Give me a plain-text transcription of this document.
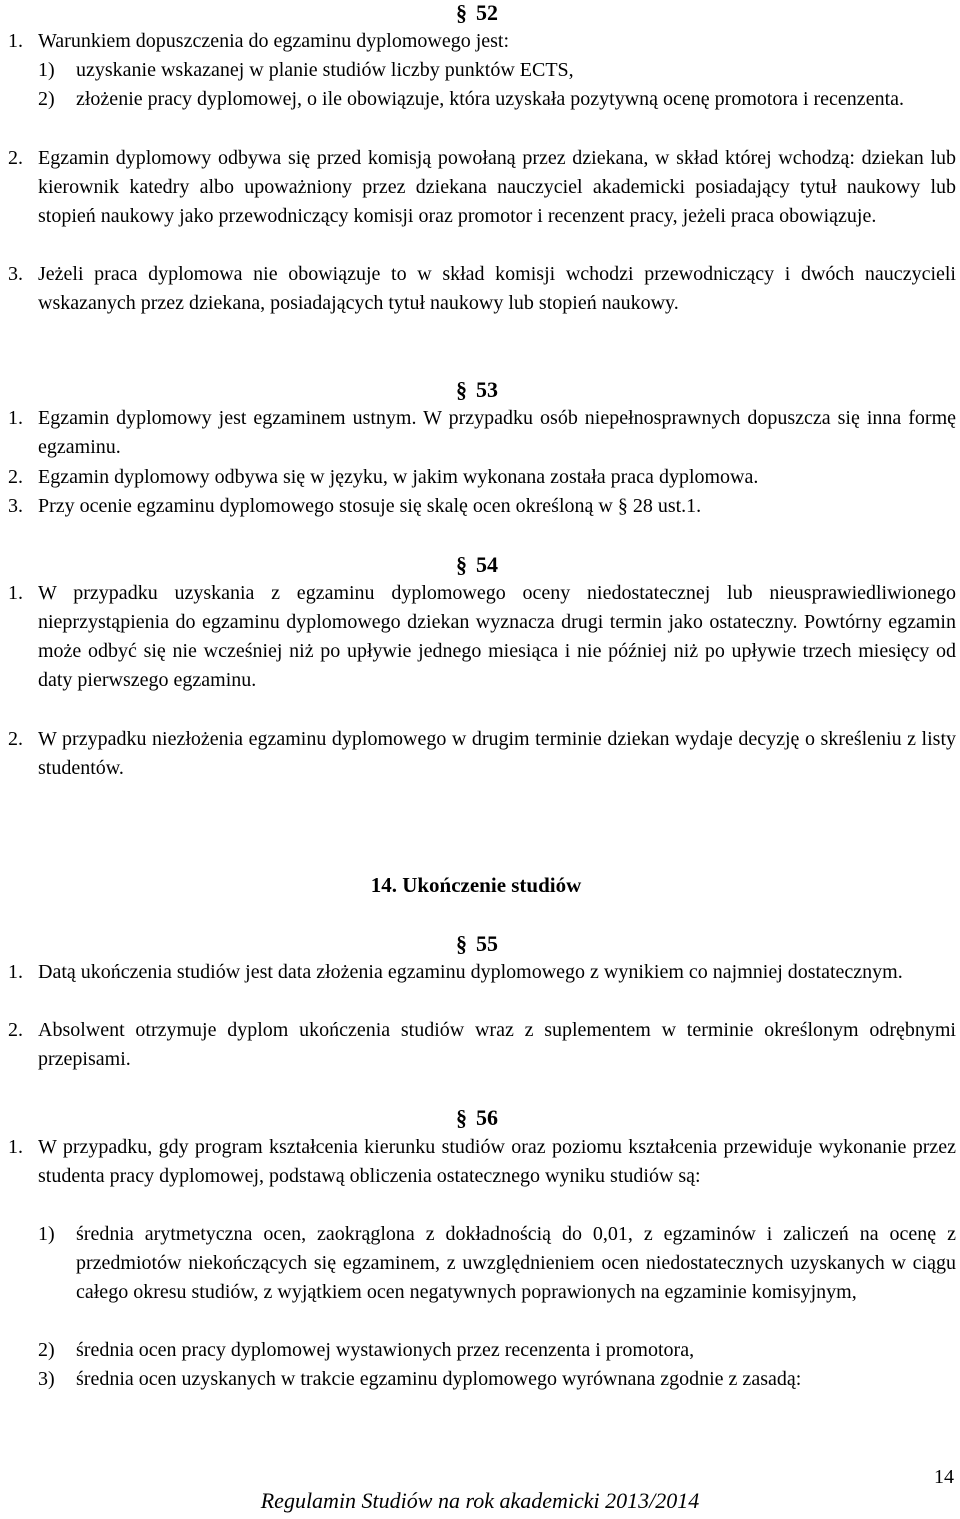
§ 52
1. Warunkiem dopuszczenia do egzaminu dyplomowego jest:
1) uzyskanie wskazanej w planie studiów liczby punktów ECTS,
2) złożenie pracy dyplomowej, o ile obowiązuje, która uzyskała pozytywną ocenę promotora i recenzenta.
2. Egzamin dyplomowy odbywa się przed komisją powołaną przez dziekana, w skład której wchodzą: dziekan lub kierownik katedry albo upoważniony przez dziekana nauczyciel akademicki posiadający tytuł naukowy lub stopień naukowy jako przewodniczący komisji oraz promotor i recenzent pracy, jeżeli praca obowiązuje.
3. Jeżeli praca dyplomowa nie obowiązuje to w skład komisji wchodzi przewodniczący i dwóch nauczycieli wskazanych przez dziekana, posiadających tytuł naukowy lub stopień naukowy.
§ 53
1. Egzamin dyplomowy jest egzaminem ustnym. W przypadku osób niepełnosprawnych dopuszcza się inna formę egzaminu.
2. Egzamin dyplomowy odbywa się w języku, w jakim wykonana została praca dyplomowa.
3. Przy ocenie egzaminu dyplomowego stosuje się skalę ocen określoną w § 28 ust.1.
§ 54
1. W przypadku uzyskania z egzaminu dyplomowego oceny niedostatecznej lub nieusprawiedliwionego nieprzystąpienia do egzaminu dyplomowego dziekan wyznacza drugi termin jako ostateczny. Powtórny egzamin może odbyć się nie wcześniej niż po upływie jednego miesiąca i nie później niż po upływie trzech miesięcy od daty pierwszego egzaminu.
2. W przypadku niezłożenia egzaminu dyplomowego w drugim terminie dziekan wydaje decyzję o skreśleniu z listy studentów.
14. Ukończenie studiów
§ 55
1. Datą ukończenia studiów jest data złożenia egzaminu dyplomowego z wynikiem co najmniej dostatecznym.
2. Absolwent otrzymuje dyplom ukończenia studiów wraz z suplementem w terminie określonym odrębnymi przepisami.
§ 56
1. W przypadku, gdy program kształcenia kierunku studiów oraz poziomu kształcenia przewiduje wykonanie przez studenta pracy dyplomowej, podstawą obliczenia ostatecznego wyniku studiów są:
1) średnia arytmetyczna ocen, zaokrąglona z dokładnością do 0,01, z egzaminów i zaliczeń na ocenę z przedmiotów niekończących się egzaminem, z uwzględnieniem ocen niedostatecznych uzyskanych w ciągu całego okresu studiów, z wyjątkiem ocen negatywnych poprawionych na egzaminie komisyjnym,
2) średnia ocen pracy dyplomowej wystawionych przez recenzenta i promotora,
3) średnia ocen uzyskanych w trakcie egzaminu dyplomowego wyrównana zgodnie z zasadą:
14
Regulamin Studiów na rok akademicki 2013/2014
